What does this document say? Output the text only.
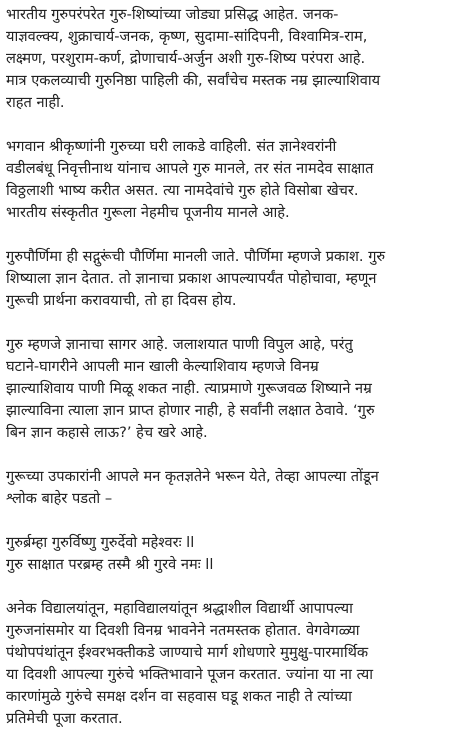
भारतीय गुरुपरंपरेत गुरु-शिष्यांच्या जोड्या प्रसिद्ध आहेत. जनक-
याज्ञवल्क्य, शुक्राचार्य-जनक, कृष्ण, सुदामा-सांदिपनी, विश्वामित्र-राम,
लक्ष्मण, परशुराम-कर्ण, द्रोणाचार्य-अर्जुन अशी गुरु-शिष्य परंपरा आहे.
मात्र एकलव्याची गुरुनिष्ठा पाहिली की, सर्वांचेच मस्तक नम्र झाल्याशिवाय
राहत नाही.

भगवान श्रीकृष्णांनी गुरुच्या घरी लाकडे वाहिली. संत ज्ञानेश्वरांनी
वडीलबंधू निवृत्तीनाथ यांनाच आपले गुरु मानले, तर संत नामदेव साक्षात
विठ्ठलाशी भाष्य करीत असत. त्या नामदेवांचे गुरु होते विसोबा खेचर.
भारतीय संस्कृतीत गुरूला नेहमीच पूजनीय मानले आहे.

गुरुपौर्णिमा ही सद्गुरूंची पौर्णिमा मानली जाते. पौर्णिमा म्हणजे प्रकाश. गुरु
शिष्याला ज्ञान देतात. तो ज्ञानाचा प्रकाश आपल्यापर्यंत पोहोचावा, म्हणून
गुरूची प्रार्थना करावयाची, तो हा दिवस होय.

गुरु म्हणजे ज्ञानाचा सागर आहे. जलाशयात पाणी विपुल आहे, परंतु
घटाने-घागरीने आपली मान खाली केल्याशिवाय म्हणजे विनम्र
झाल्याशिवाय पाणी मिळू शकत नाही. त्याप्रमाणे गुरूजवळ शिष्याने नम्र
झाल्याविना त्याला ज्ञान प्राप्त होणार नाही, हे सर्वांनी लक्षात ठेवावे. ‘गुरु
बिन ज्ञान कहासे लाऊ?’ हेच खरे आहे.

गुरूच्या उपकारांनी आपले मन कृतज्ञतेने भरून येते, तेव्हा आपल्या तोंडून
श्लोक बाहेर पडतो –

गुरुर्ब्रम्हा गुरुर्विष्णु गुरुर्देवो महेश्वरः ll
गुरु साक्षात परब्रम्ह तस्मै श्री गुरवे नमः ll

अनेक विद्यालयांतून, महाविद्यालयांतून श्रद्धाशील विद्यार्थी आपापल्या
गुरुजनांसमोर या दिवशी विनम्र भावनेने नतमस्तक होतात. वेगवेगळ्या
पंथोपपंथांतून ईश्वरभक्तीकडे जाण्याचे मार्ग शोधणारे मुमुक्षु-पारमार्थिक
या दिवशी आपल्या गुरुंचे भक्तिभावाने पूजन करतात. ज्यांना या ना त्या
कारणांमुळे गुरुंचे समक्ष दर्शन वा सहवास घडू शकत नाही ते त्यांच्या
प्रतिमेची पूजा करतात.
